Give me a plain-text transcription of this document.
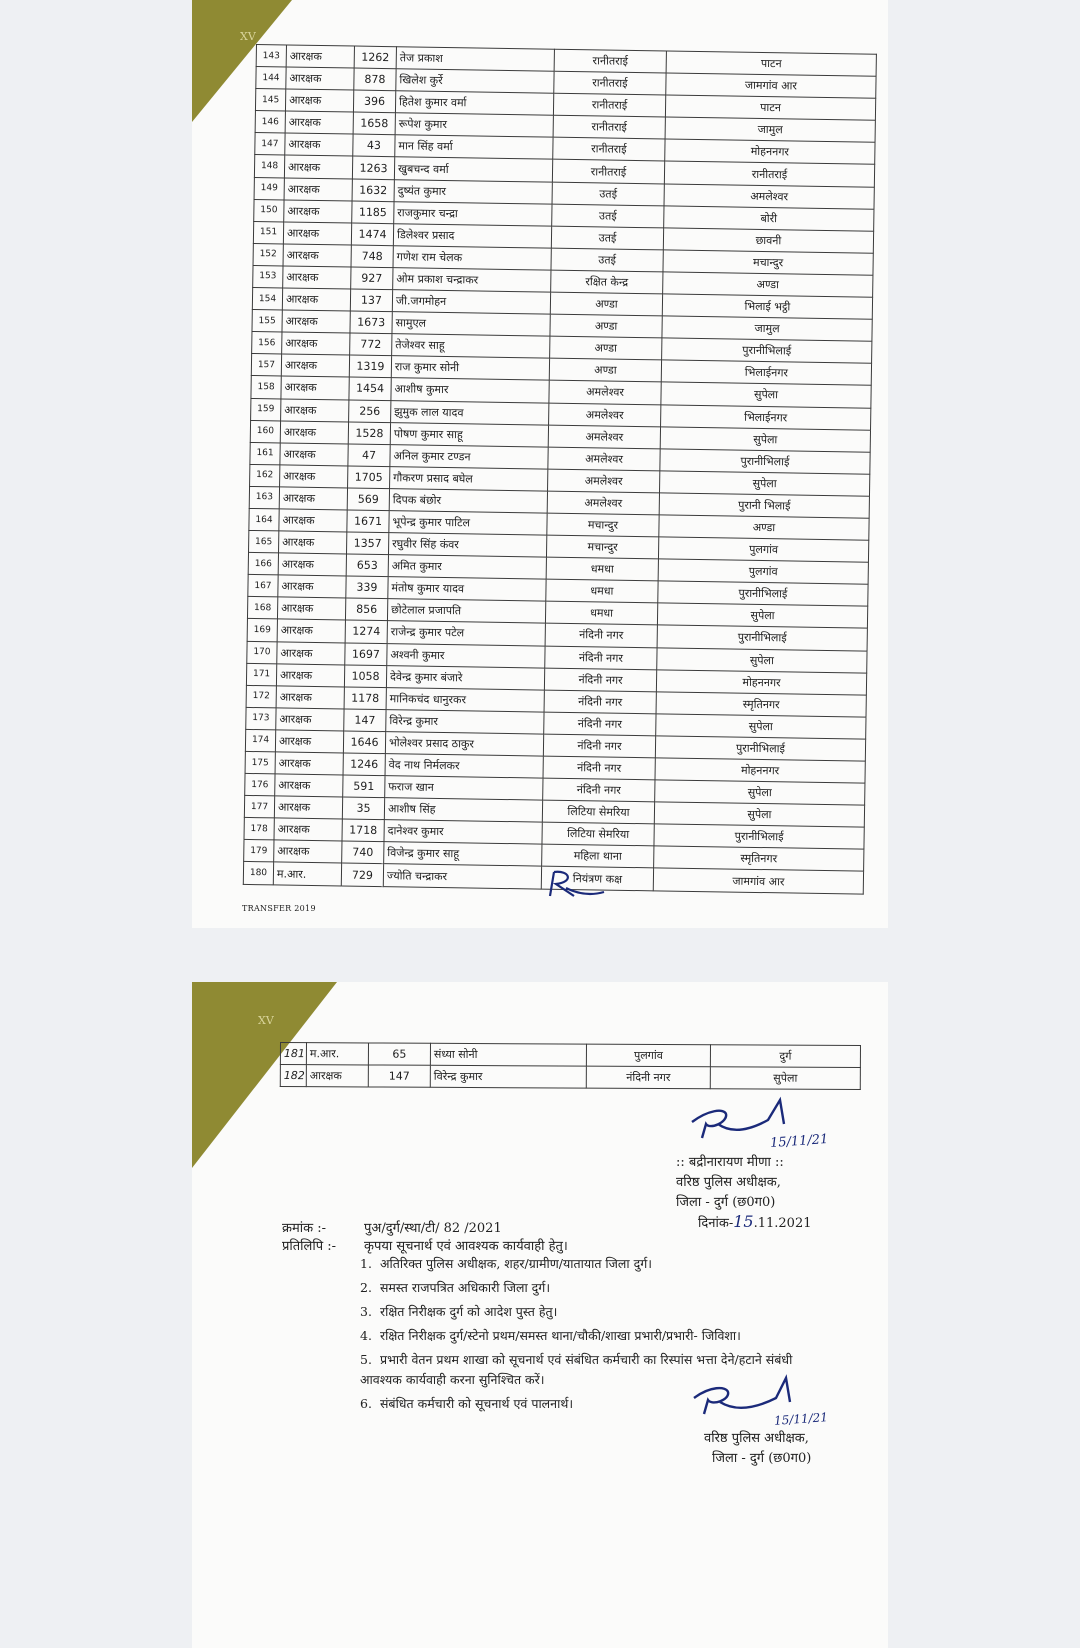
XV
143	आरक्षक	1262	तेज प्रकाश	रानीतराई	पाटन
144	आरक्षक	878	खिलेश कुर्रे	रानीतराई	जामगांव आर
145	आरक्षक	396	हितेश कुमार वर्मा	रानीतराई	पाटन
146	आरक्षक	1658	रूपेश कुमार	रानीतराई	जामुल
147	आरक्षक	43	मान सिंह वर्मा	रानीतराई	मोहननगर
148	आरक्षक	1263	खुबचन्द वर्मा	रानीतराई	रानीतराई
149	आरक्षक	1632	दुष्यंत कुमार	उतई	अमलेश्वर
150	आरक्षक	1185	राजकुमार चन्द्रा	उतई	बोरी
151	आरक्षक	1474	डिलेश्वर प्रसाद	उतई	छावनी
152	आरक्षक	748	गणेश राम चेलक	उतई	मचान्दुर
153	आरक्षक	927	ओम प्रकाश चन्द्राकर	रक्षित केन्द्र	अण्डा
154	आरक्षक	137	जी.जगमोहन	अण्डा	भिलाई भट्ठी
155	आरक्षक	1673	सामुएल	अण्डा	जामुल
156	आरक्षक	772	तेजेश्वर साहू	अण्डा	पुरानीभिलाई
157	आरक्षक	1319	राज कुमार सोनी	अण्डा	भिलाईनगर
158	आरक्षक	1454	आशीष कुमार	अमलेश्वर	सुपेला
159	आरक्षक	256	झुमुक लाल यादव	अमलेश्वर	भिलाईनगर
160	आरक्षक	1528	पोषण कुमार साहू	अमलेश्वर	सुपेला
161	आरक्षक	47	अनिल कुमार टण्डन	अमलेश्वर	पुरानीभिलाई
162	आरक्षक	1705	गौकरण प्रसाद बघेल	अमलेश्वर	सुपेला
163	आरक्षक	569	दिपक बंछोर	अमलेश्वर	पुरानी भिलाई
164	आरक्षक	1671	भूपेन्द्र कुमार पाटिल	मचान्दुर	अण्डा
165	आरक्षक	1357	रघुवीर सिंह कंवर	मचान्दुर	पुलगांव
166	आरक्षक	653	अमित कुमार	धमधा	पुलगांव
167	आरक्षक	339	मंतोष कुमार यादव	धमधा	पुरानीभिलाई
168	आरक्षक	856	छोटेलाल प्रजापति	धमधा	सुपेला
169	आरक्षक	1274	राजेन्द्र कुमार पटेल	नंदिनी नगर	पुरानीभिलाई
170	आरक्षक	1697	अश्वनी कुमार	नंदिनी नगर	सुपेला
171	आरक्षक	1058	देवेन्द्र कुमार बंजारे	नंदिनी नगर	मोहननगर
172	आरक्षक	1178	मानिकचंद धानुरकर	नंदिनी नगर	स्मृतिनगर
173	आरक्षक	147	विरेन्द्र कुमार	नंदिनी नगर	सुपेला
174	आरक्षक	1646	भोलेश्वर प्रसाद ठाकुर	नंदिनी नगर	पुरानीभिलाई
175	आरक्षक	1246	वेद नाथ निर्मलकर	नंदिनी नगर	मोहननगर
176	आरक्षक	591	फराज खान	नंदिनी नगर	सुपेला
177	आरक्षक	35	आशीष सिंह	लिटिया सेमरिया	सुपेला
178	आरक्षक	1718	दानेश्वर कुमार	लिटिया सेमरिया	पुरानीभिलाई
179	आरक्षक	740	विजेन्द्र कुमार साहू	महिला थाना	स्मृतिनगर
180	म.आर.	729	ज्योति चन्द्राकर	नियंत्रण कक्ष	जामगांव आर
TRANSFER 2019
XV
181	म.आर.	65	संध्या सोनी	पुलगांव	दुर्ग
182	आरक्षक	147	विरेन्द्र कुमार	नंदिनी नगर	सुपेला
15/11/21
:: बद्रीनारायण मीणा ::
वरिष्ठ पुलिस अधीक्षक,
जिला - दुर्ग (छ0ग0)
क्रमांक :-	पुअ/दुर्ग/स्था/टी/ 82 /2021	दिनांक-15.11.2021
प्रतिलिपि :- कृपया सूचनार्थ एवं आवश्यक कार्यवाही हेतु।
1. अतिरिक्त पुलिस अधीक्षक, शहर/ग्रामीण/यातायात जिला दुर्ग।
2. समस्त राजपत्रित अधिकारी जिला दुर्ग।
3. रक्षित निरीक्षक दुर्ग को आदेश पुस्त हेतु।
4. रक्षित निरीक्षक दुर्ग/स्टेनो प्रथम/समस्त थाना/चौकी/शाखा प्रभारी/प्रभारी- जिविशा।
5. प्रभारी वेतन प्रथम शाखा को सूचनार्थ एवं संबंधित कर्मचारी का रिस्पांस भत्ता देने/हटाने संबंधी आवश्यक कार्यवाही करना सुनिश्चित करें।
6. संबंधित कर्मचारी को सूचनार्थ एवं पालनार्थ।
15/11/21
वरिष्ठ पुलिस अधीक्षक,
जिला - दुर्ग (छ0ग0)
